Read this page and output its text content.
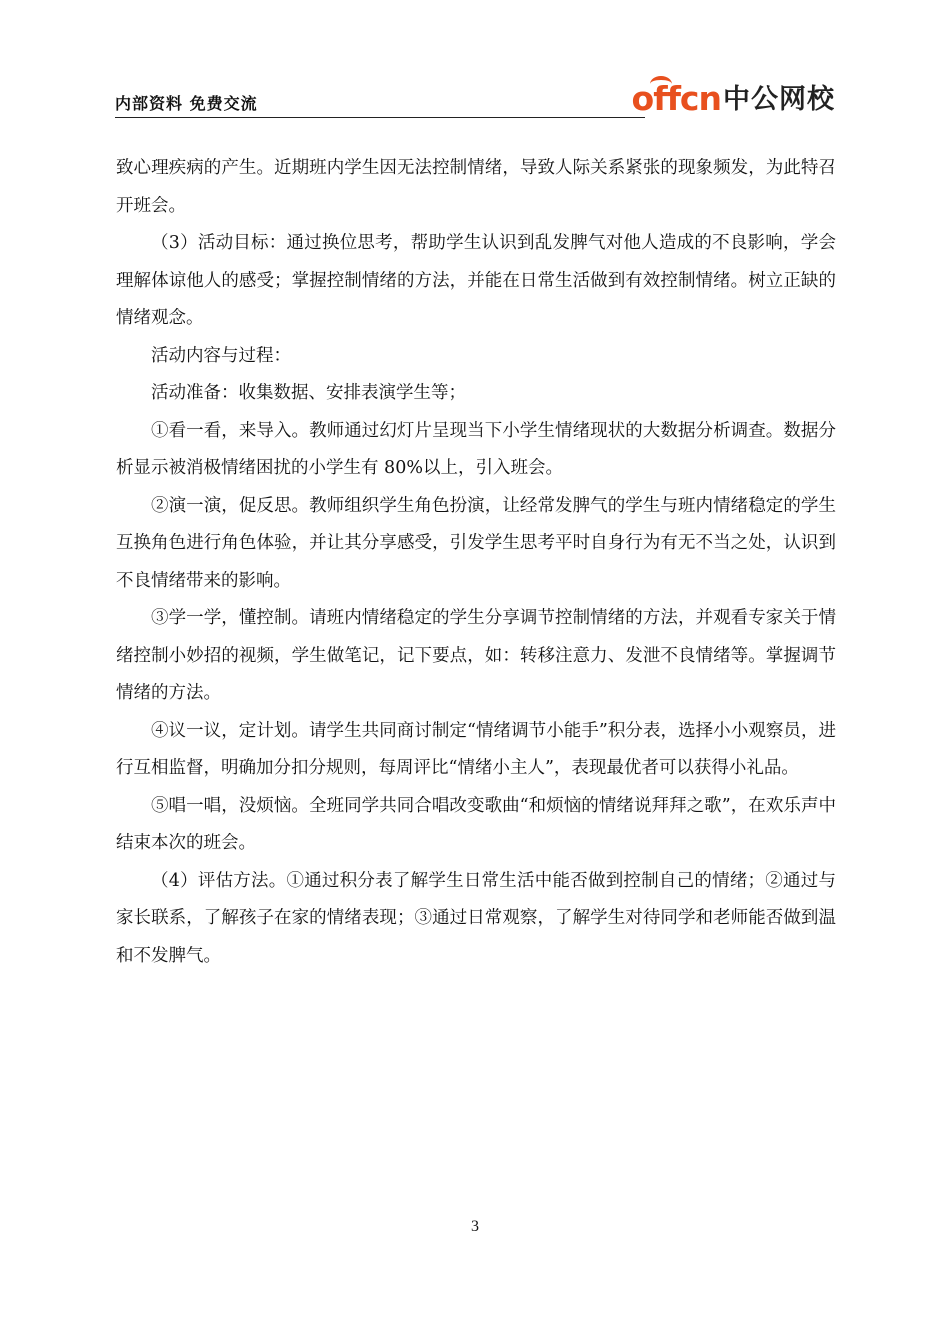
内部资料 免费交流	offcn 中公网校

致心理疾病的产生。近期班内学生因无法控制情绪，导致人际关系紧张的现象频发，为此特召开班会。

（3）活动目标：通过换位思考，帮助学生认识到乱发脾气对他人造成的不良影响，学会理解体谅他人的感受；掌握控制情绪的方法，并能在日常生活做到有效控制情绪。树立正缺的情绪观念。

活动内容与过程：

活动准备：收集数据、安排表演学生等；

①看一看，来导入。教师通过幻灯片呈现当下小学生情绪现状的大数据分析调查。数据分析显示被消极情绪困扰的小学生有 80%以上，引入班会。

②演一演，促反思。教师组织学生角色扮演，让经常发脾气的学生与班内情绪稳定的学生互换角色进行角色体验，并让其分享感受，引发学生思考平时自身行为有无不当之处，认识到不良情绪带来的影响。

③学一学，懂控制。请班内情绪稳定的学生分享调节控制情绪的方法，并观看专家关于情绪控制小妙招的视频，学生做笔记，记下要点，如：转移注意力、发泄不良情绪等。掌握调节情绪的方法。

④议一议，定计划。请学生共同商讨制定“情绪调节小能手”积分表，选择小小观察员，进行互相监督，明确加分扣分规则，每周评比“情绪小主人”，表现最优者可以获得小礼品。

⑤唱一唱，没烦恼。全班同学共同合唱改变歌曲“和烦恼的情绪说拜拜之歌”，在欢乐声中结束本次的班会。

（4）评估方法。①通过积分表了解学生日常生活中能否做到控制自己的情绪；②通过与家长联系，了解孩子在家的情绪表现；③通过日常观察，了解学生对待同学和老师能否做到温和不发脾气。

3
